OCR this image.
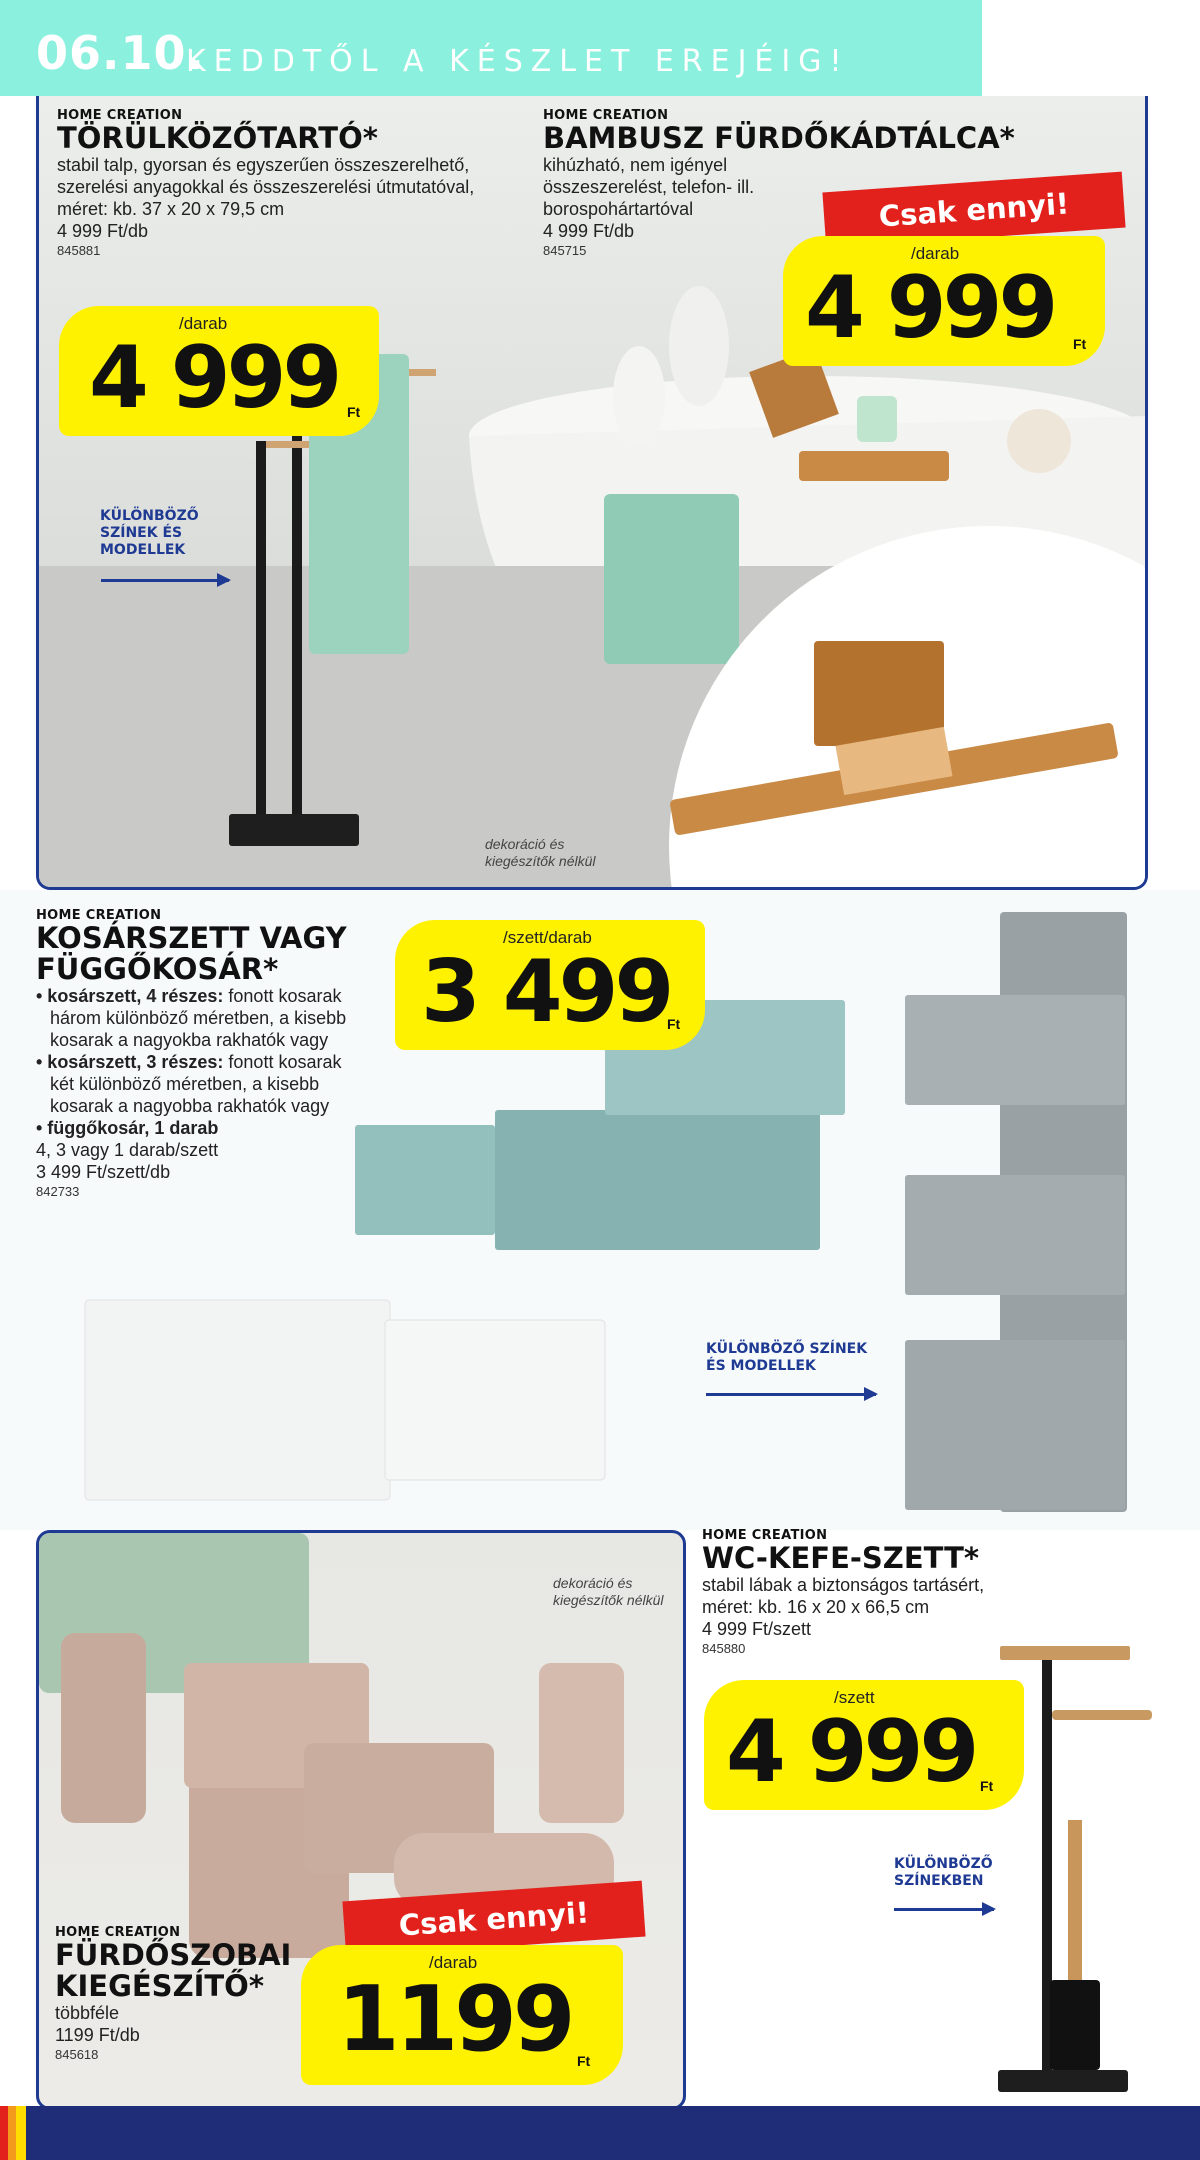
06.10.
KEDDTŐL A KÉSZLET EREJÉIG!
HOME CREATION
TÖRÜLKÖZŐTARTÓ*
stabil talp, gyorsan és egyszerűen összeszerelhető,
szerelési anyagokkal és összeszerelési útmutatóval,
méret: kb. 37 x 20 x 79,5 cm
4 999 Ft/db
845881
/darab
4 999 Ft
KÜLÖNBÖZŐ
SZÍNEK ÉS
MODELLEK
dekoráció és
kiegészítők nélkül
HOME CREATION
BAMBUSZ FÜRDŐKÁDTÁLCA*
kihúzható, nem igényel
összeszerelést, telefon- ill.
borospohártartóval
4 999 Ft/db
845715
Csak ennyi!
/darab
4 999 Ft
HOME CREATION
KOSÁRSZETT VAGY
FÜGGŐKOSÁR*
• kosárszett, 4 részes: fonott kosarak
három különböző méretben, a kisebb
kosarak a nagyokba rakhatók vagy
• kosárszett, 3 részes: fonott kosarak
két különböző méretben, a kisebb
kosarak a nagyobba rakhatók vagy
• függőkosár, 1 darab
4, 3 vagy 1 darab/szett
3 499 Ft/szett/db
842733
/szett/darab
3 499
Ft
KÜLÖNBÖZŐ SZÍNEK
ÉS MODELLEK
dekoráció és
kiegészítők nélkül
HOME CREATION
FÜRDŐSZOBAI
KIEGÉSZÍTŐ*
többféle
1199 Ft/db
845618
Csak ennyi!
/darab
1199 Ft
HOME CREATION
WC-KEFE-SZETT*
stabil lábak a biztonságos tartásért,
méret: kb. 16 x 20 x 66,5 cm
4 999 Ft/szett
845880
/szett
4 999 Ft
KÜLÖNBÖZŐ
SZÍNEKBEN
